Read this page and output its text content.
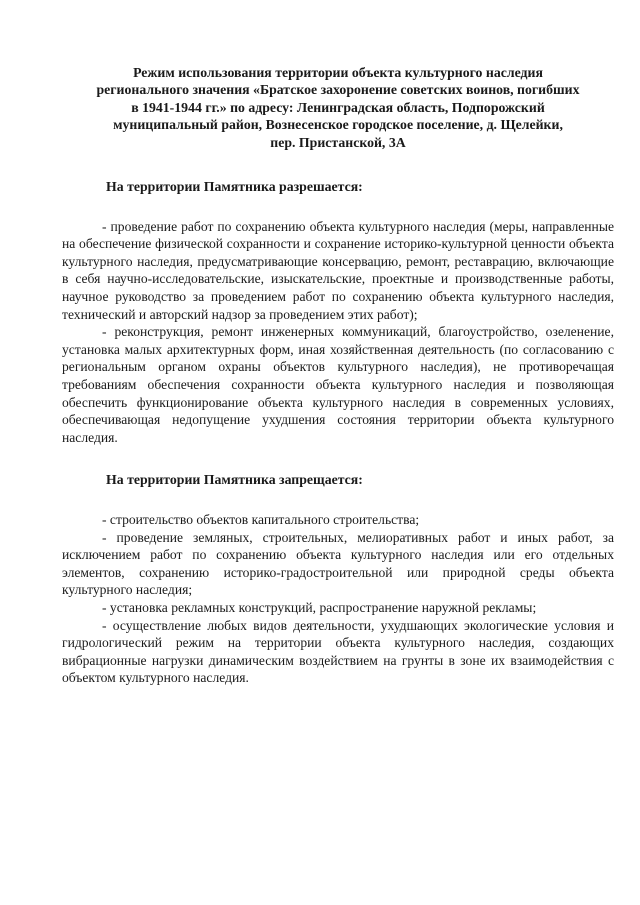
Режим использования территории объекта культурного наследия
регионального значения «Братское захоронение советских воинов, погибших
в 1941-1944 гг.» по адресу: Ленинградская область, Подпорожский
муниципальный район, Вознесенское городское поселение, д. Щелейки,
пер. Пристанской, 3А

На территории Памятника разрешается:

- проведение работ по сохранению объекта культурного наследия (меры, направленные на обеспечение физической сохранности и сохранение историко-культурной ценности объекта культурного наследия, предусматривающие консервацию, ремонт, реставрацию, включающие в себя научно-исследовательские, изыскательские, проектные и производственные работы, научное руководство за проведением работ по сохранению объекта культурного наследия, технический и авторский надзор за проведением этих работ);

- реконструкция, ремонт инженерных коммуникаций, благоустройство, озеленение, установка малых архитектурных форм, иная хозяйственная деятельность (по согласованию с региональным органом охраны объектов культурного наследия), не противоречащая требованиям обеспечения сохранности объекта культурного наследия и позволяющая обеспечить функционирование объекта культурного наследия в современных условиях, обеспечивающая недопущение ухудшения состояния территории объекта культурного наследия.

На территории Памятника запрещается:

- строительство объектов капитального строительства;

- проведение земляных, строительных, мелиоративных работ и иных работ, за исключением работ по сохранению объекта культурного наследия или его отдельных элементов, сохранению историко-градостроительной или природной среды объекта культурного наследия;

- установка рекламных конструкций, распространение наружной рекламы;

- осуществление любых видов деятельности, ухудшающих экологические условия и гидрологический режим на территории объекта культурного наследия, создающих вибрационные нагрузки динамическим воздействием на грунты в зоне их взаимодействия с объектом культурного наследия.
